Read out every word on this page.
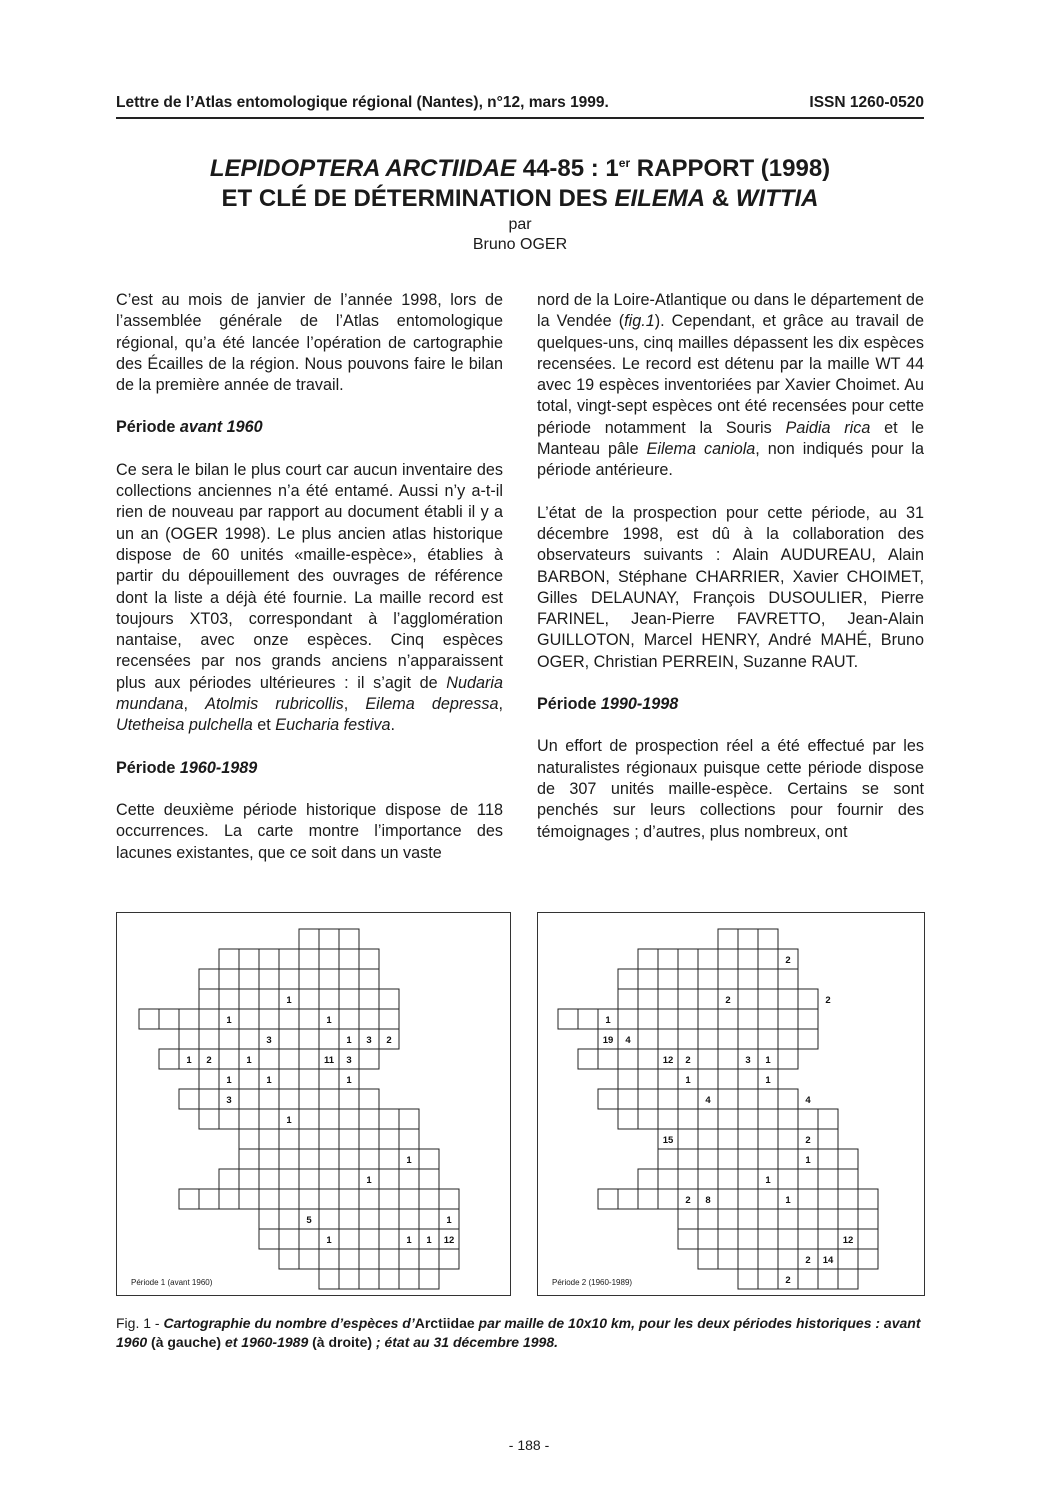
Lettre de l’Atlas entomologique régional (Nantes), n°12, mars 1999.	ISSN 1260-0520
LEPIDOPTERA ARCTIIDAE 44-85 : 1er RAPPORT (1998)
ET CLÉ DE DÉTERMINATION DES EILEMA & WITTIA
par
Bruno OGER

C’est au mois de janvier de l’année 1998, lors de l’assemblée générale de l’Atlas entomologique régional, qu’a été lancée l’opération de cartographie des Écailles de la région. Nous pouvons faire le bilan de la première année de travail.

Période avant 1960

Ce sera le bilan le plus court car aucun inventaire des collections anciennes n’a été entamé. Aussi n’y a-t-il rien de nouveau par rapport au document établi il y a un an (OGER 1998). Le plus ancien atlas historique dispose de 60 unités «maille-espèce», établies à partir du dépouillement des ouvrages de référence dont la liste a déjà été fournie. La maille record est toujours XT03, correspondant à l’agglomération nantaise, avec onze espèces. Cinq espèces recensées par nos grands anciens n’apparaissent plus aux périodes ultérieures : il s’agit de Nudaria mundana, Atolmis rubricollis, Eilema depressa, Utetheisa pulchella et Eucharia festiva.

Période 1960-1989

Cette deuxième période historique dispose de 118 occurrences. La carte montre l’importance des lacunes existantes, que ce soit dans un vaste

nord de la Loire-Atlantique ou dans le département de la Vendée (fig.1). Cependant, et grâce au travail de quelques-uns, cinq mailles dépassent les dix espèces recensées. Le record est détenu par la maille WT 44 avec 19 espèces inventoriées par Xavier Choimet. Au total, vingt-sept espèces ont été recensées pour cette période notamment la Souris Paidia rica et le Manteau pâle Eilema caniola, non indiqués pour la période antérieure.

L’état de la prospection pour cette période, au 31 décembre 1998, est dû à la collaboration des observateurs suivants : Alain AUDUREAU, Alain BARBON, Stéphane CHARRIER, Xavier CHOIMET, Gilles DELAUNAY, François DUSOULIER, Pierre FARINEL, Jean-Pierre FAVRETTO, Jean-Alain GUILLOTON, Marcel HENRY, André MAHÉ, Bruno OGER, Christian PERREIN, Suzanne RAUT.

Période 1990-1998

Un effort de prospection réel a été effectué par les naturalistes régionaux puisque cette période dispose de 307 unités maille-espèce. Certains se sont penchés sur leurs collections pour fournir des témoignages ; d’autres, plus nombreux, ont

1
1	1
3	1 3 2
1 2	1	11 3
1	1	1
3
1
1
1
5	1
1	1 1 12
Période 1 (avant 1960)
2
2	2
1
19 4
12 2	3 1
1	1
4	4
15	2
1
1
2 8	1
12
2 14
2
Période 2 (1960-1989)
Fig. 1 - Cartographie du nombre d’espèces d’Arctiidae par maille de 10x10 km, pour les deux périodes historiques : avant 1960 (à gauche) et 1960-1989 (à droite) ; état au 31 décembre 1998.
- 188 -
